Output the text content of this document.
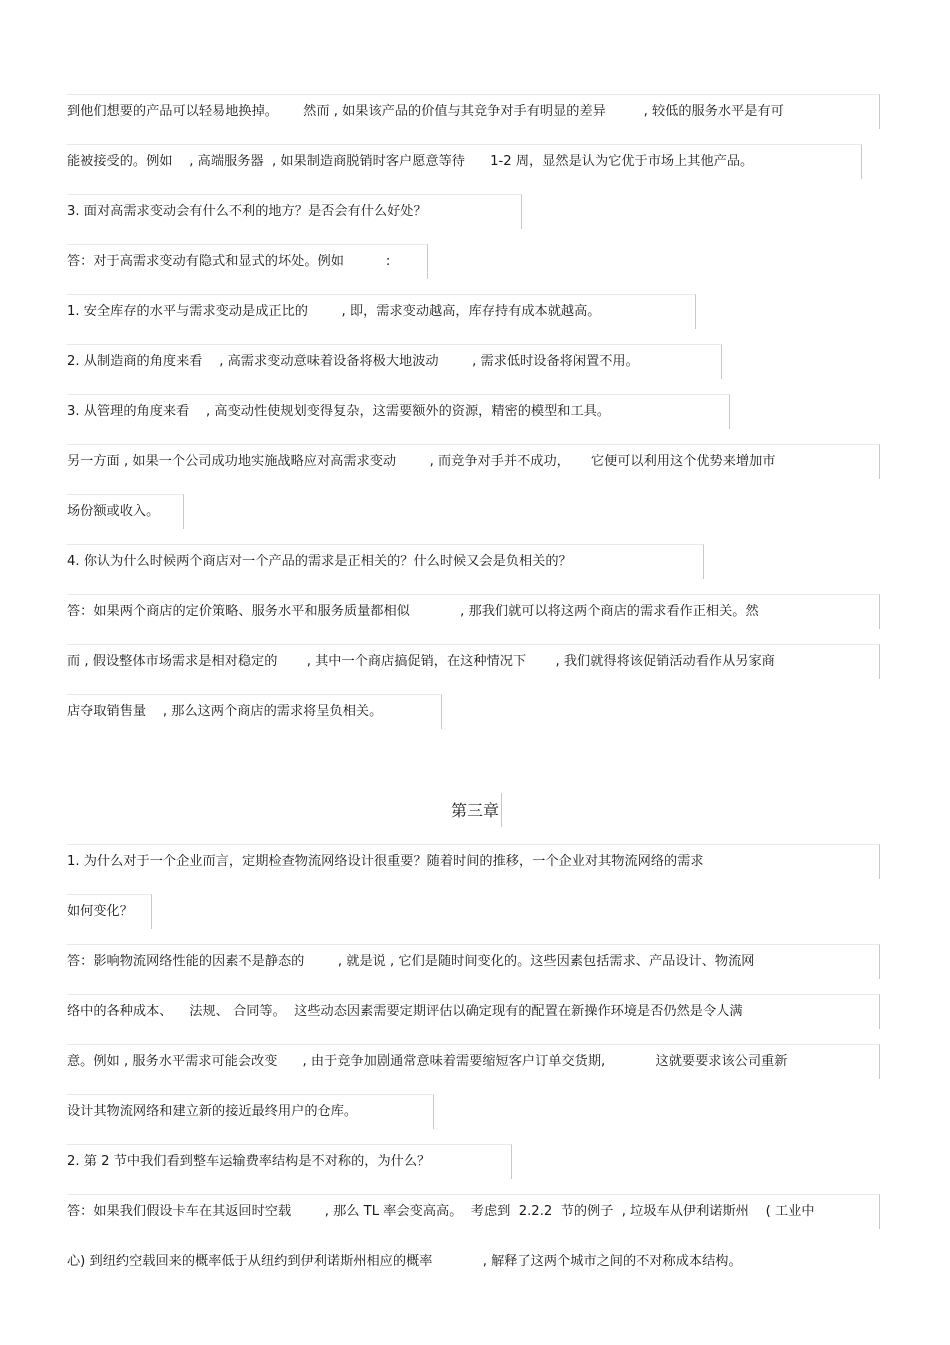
到他们想要的产品可以轻易地换掉。      然而 , 如果该产品的价值与其竞争对手有明显的差异         , 较低的服务水平是有可
能被接受的。例如    , 高端服务器  , 如果制造商脱销时客户愿意等待      1-2 周，显然是认为它优于市场上其他产品。
3. 面对高需求变动会有什么不利的地方？是否会有什么好处？
答：对于高需求变动有隐式和显式的坏处。例如          :
1. 安全库存的水平与需求变动是成正比的        , 即，需求变动越高，库存持有成本就越高。
2. 从制造商的角度来看    , 高需求变动意味着设备将极大地波动        , 需求低时设备将闲置不用。
3. 从管理的角度来看    , 高变动性使规划变得复杂，这需要额外的资源，精密的模型和工具。
另一方面 , 如果一个公司成功地实施战略应对高需求变动        , 而竞争对手并不成功，     它便可以利用这个优势来增加市
场份额或收入。
4. 你认为什么时候两个商店对一个产品的需求是正相关的？什么时候又会是负相关的？
答：如果两个商店的定价策略、服务水平和服务质量都相似            , 那我们就可以将这两个商店的需求看作正相关。然
而 , 假设整体市场需求是相对稳定的       , 其中一个商店搞促销，在这种情况下       , 我们就得将该促销活动看作从另家商
店夺取销售量    , 那么这两个商店的需求将呈负相关。
第三章
1. 为什么对于一个企业而言，定期检查物流网络设计很重要？随着时间的推移，一个企业对其物流网络的需求
如何变化？
答：影响物流网络性能的因素不是静态的        , 就是说 , 它们是随时间变化的。这些因素包括需求、产品设计、物流网
络中的各种成本、    法规、 合同等。  这些动态因素需要定期评估以确定现有的配置在新操作环境是否仍然是令人满
意。例如 , 服务水平需求可能会改变      , 由于竞争加剧通常意味着需要缩短客户订单交货期,            这就要要求该公司重新
设计其物流网络和建立新的接近最终用户的仓库。
2. 第 2 节中我们看到整车运输费率结构是不对称的，为什么？
答：如果我们假设卡车在其返回时空载        , 那么 TL 率会变高高。  考虑到  2.2.2  节的例子  , 垃圾车从伊利诺斯州    ( 工业中
心) 到纽约空载回来的概率低于从纽约到伊利诺斯州相应的概率            , 解释了这两个城市之间的不对称成本结构。
